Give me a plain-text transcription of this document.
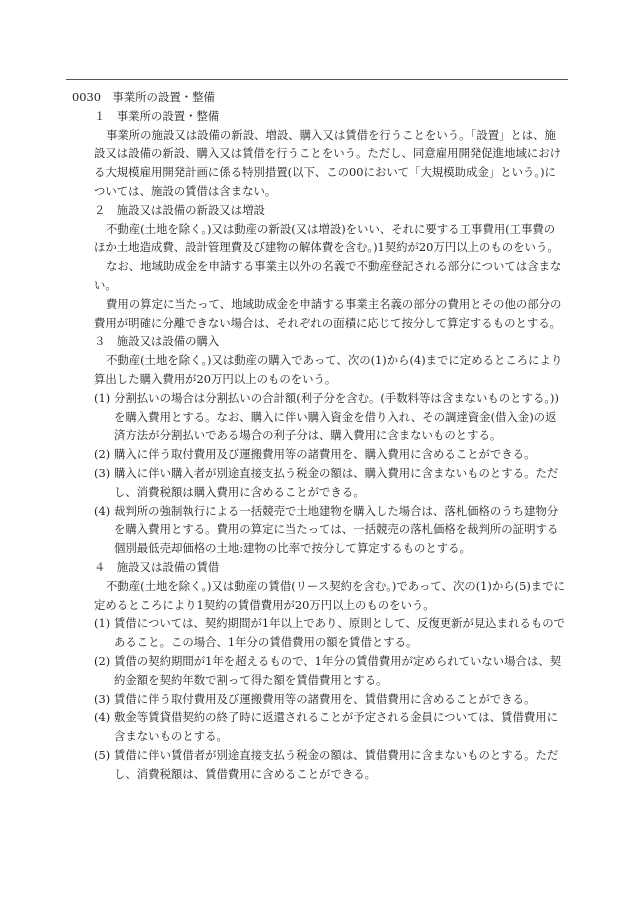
0030　事業所の設置・整備

１　事業所の設置・整備

事業所の施設又は設備の新設、増設、購入又は賃借を行うことをいう。「設置」とは、施設又は設備の新設、購入又は賃借を行うことをいう。ただし、同意雇用開発促進地域における大規模雇用開発計画に係る特別措置(以下、この00において「大規模助成金」という。)については、施設の賃借は含まない。

２　施設又は設備の新設又は増設

不動産(土地を除く。)又は動産の新設(又は増設)をいい、それに要する工事費用(工事費のほか土地造成費、設計管理費及び建物の解体費を含む。)1契約が20万円以上のものをいう。

なお、地域助成金を申請する事業主以外の名義で不動産登記される部分については含まない。

費用の算定に当たって、地域助成金を申請する事業主名義の部分の費用とその他の部分の費用が明確に分離できない場合は、それぞれの面積に応じて按分して算定するものとする。

３　施設又は設備の購入

不動産(土地を除く。)又は動産の購入であって、次の(1)から(4)までに定めるところにより算出した購入費用が20万円以上のものをいう。

(1) 分割払いの場合は分割払いの合計額(利子分を含む。(手数料等は含まないものとする。))を購入費用とする。なお、購入に伴い購入資金を借り入れ、その調達資金(借入金)の返済方法が分割払いである場合の利子分は、購入費用に含まないものとする。

(2) 購入に伴う取付費用及び運搬費用等の諸費用を、購入費用に含めることができる。

(3) 購入に伴い購入者が別途直接支払う税金の額は、購入費用に含まないものとする。ただし、消費税額は購入費用に含めることができる。

(4) 裁判所の強制執行による一括競売で土地建物を購入した場合は、落札価格のうち建物分を購入費用とする。費用の算定に当たっては、一括競売の落札価格を裁判所の証明する個別最低売却価格の土地:建物の比率で按分して算定するものとする。

４　施設又は設備の賃借

不動産(土地を除く。)又は動産の賃借(リース契約を含む。)であって、次の(1)から(5)までに定めるところにより1契約の賃借費用が20万円以上のものをいう。

(1) 賃借については、契約期間が1年以上であり、原則として、反復更新が見込まれるものであること。この場合、1年分の賃借費用の額を賃借とする。

(2) 賃借の契約期間が1年を超えるもので、1年分の賃借費用が定められていない場合は、契約金額を契約年数で割って得た額を賃借費用とする。

(3) 賃借に伴う取付費用及び運搬費用等の諸費用を、賃借費用に含めることができる。

(4) 敷金等賃貸借契約の終了時に返還されることが予定される金員については、賃借費用に含まないものとする。

(5) 賃借に伴い賃借者が別途直接支払う税金の額は、賃借費用に含まないものとする。ただし、消費税額は、賃借費用に含めることができる。
